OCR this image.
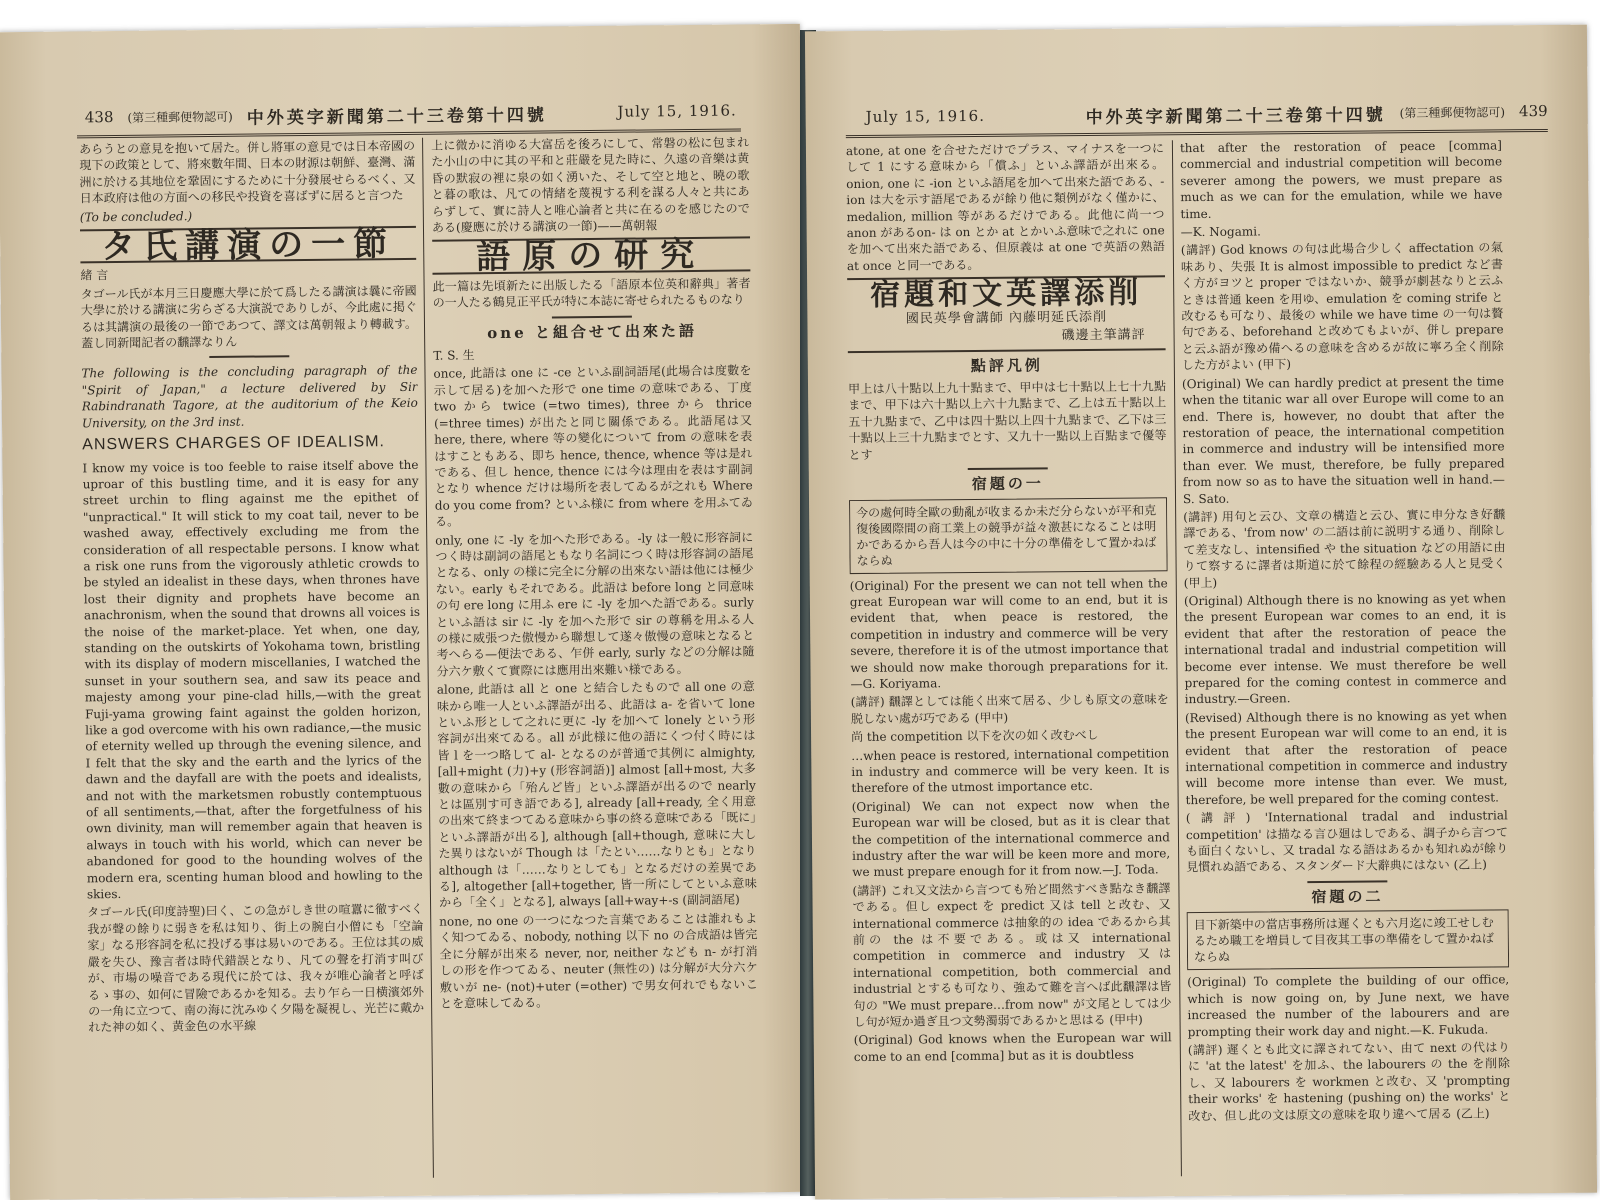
438 (第三種郵便物認可) 中外英字新聞第二十三卷第十四號	July 15, 1916.

あらうとの意見を抱いて居た。併し將軍の意見では日本帝國の現下の政策として、將來數年間、日本の財源は朝鮮、臺灣、滿洲に於ける其地位を鞏固にするために十分發展せらるべく、又日本政府は他の方面への移民や投資を喜ばずに居ると言つた

(To be concluded.)

タ氏講演の一節

緒 言

タゴール氏が本月三日慶應大學に於て爲したる講演は曩に帝國大學に於ける講演に劣らざる大演説でありしが、今此處に掲ぐるは其講演の最後の一節であつて、譯文は萬朝報より轉載す。蓋し同新聞記者の飜譯なりん

The following is the concluding paragraph of the "Spirit of Japan," a lecture delivered by Sir Rabindranath Tagore, at the auditorium of the Keio University, on the 3rd inst.

ANSWERS CHARGES OF IDEALISM.

I know my voice is too feeble to raise itself above the uproar of this bustling time, and it is easy for any street urchin to fling against me the epithet of "unpractical." It will stick to my coat tail, never to be washed away, effectively excluding me from the consideration of all respectable persons. I know what a risk one runs from the vigorously athletic crowds to be styled an idealist in these days, when thrones have lost their dignity and prophets have become an anachronism, when the sound that drowns all voices is the noise of the market-place. Yet when, one day, standing on the outskirts of Yokohama town, bristling with its display of modern miscellanies, I watched the sunset in your southern sea, and saw its peace and majesty among your pine-clad hills,—with the great Fuji-yama growing faint against the golden horizon, like a god overcome with his own radiance,—the music of eternity welled up through the evening silence, and I felt that the sky and the earth and the lyrics of the dawn and the dayfall are with the poets and idealists, and not with the marketsmen robustly contemptuous of all sentiments,—that, after the forgetfulness of his own divinity, man will remember again that heaven is always in touch with his world, which can never be abandoned for good to the hounding wolves of the modern era, scenting human blood and howling to the skies.

タゴール氏(印度詩聖)曰く、この急がしき世の喧囂に徹すべく我が聲の餘りに弱きを私は知り、街上の腕白小僧にも「空論家」なる形容詞を私に投げる事は易いのである。王位は其の威嚴を失ひ、豫言者は時代錯誤となり、凡ての聲を打消す叫びが、市場の噪音である現代に於ては、我々が唯心論者と呼ばるゝ事の、如何に冒險であるかを知る。去り乍ら一日横濱郊外の一角に立つて、南の海に沈みゆく夕陽を凝視し、光芒に戴かれた神の如く、黄金色の水平線

上に微かに消ゆる大富岳を後ろにして、常磐の松に包まれた小山の中に其の平和と莊嚴を見た時に、久遠の音樂は黄昏の默寂の裡に泉の如く湧いた、そして空と地と、曉の歌と暮の歌は、凡ての情緒を蔑視する利を謀る人々と共にあらずして、實に詩人と唯心論者と共に在るのを感じたのである(慶應に於ける講演の一節)——萬朝報

語原の研究

此一篇は先頃新たに出版したる「語原本位英和辭典」著者の一人たる鶴見正平氏が特に本誌に寄せられたるものなり

one と組合せて出來た語

T. S. 生

once, 此語は one に -ce といふ副詞語尾(此場合は度數を示して居る)を加へた形で one time の意味である、丁度 two から twice (=two times), three から thrice (=three times) が出たと同じ關係である。此語尾は又 here, there, where 等の變化について from の意味を表はすこともある、即ち hence, thence, whence 等は是れである、但し hence, thence には今は理由を表はす副詞となり whence だけは場所を表してゐるが之れも Where do you come from? といふ様に from where を用ふてゐる。

only, one に -ly を加へた形である。-ly は一般に形容詞につく時は副詞の語尾ともなり名詞につく時は形容詞の語尾となる、only の様に完全に分解の出來ない語は他には極少ない。early もそれである。此語は before long と同意味の句 ere long に用ふ ere に -ly を加へた語である。surly といふ語は sir に -ly を加へた形で sir の尊稱を用ふる人の様に威張つた傲慢から聯想して遂々傲慢の意味となると考へらる—便法である、乍併 early, surly などの分解は隨分六ケ敷くて實際には應用出來難い様である。

alone, 此語は all と one と結合したもので all one の意味から唯一人といふ譯語が出る、此語は a- を省いて lone といふ形として之れに更に -ly を加へて lonely という形容詞が出來てゐる。all が此様に他の語にくつ付く時には皆 l を一つ略して al- となるのが普通で其例に almighty, [all+might (力)+y (形容詞語)] almost [all+most, 大多數の意味から「殆んど皆」といふ譯語が出るので nearly とは區別す可き語である], already [all+ready, 全く用意の出來て終まつてゐる意味から事の終る意味である「既に」といふ譯語が出る], although [all+though, 意味に大した異りはないが Though は「たとい……なりとも」となり although は「……なりとしても」となるだけの差異である], altogether [all+together, 皆一所にしてといふ意味から「全く」となる], always [all+way+-s (副詞語尾)

none, no one の一つになつた言葉であることは誰れもよく知つてゐる、nobody, nothing 以下 no の合成語は皆完全に分解が出來る never, nor, neither なども n- が打消しの形を作つてゐる、neuter (無性の) は分解が大分六ケ敷いが ne- (not)+uter (=other) で男女何れでもないことを意味してゐる。

July 15, 1916.	中外英字新聞第二十三卷第十四號 (第三種郵便物認可) 439

atone, at one を合せただけでプラス、マイナスを一つにして 1 にする意味から「償ふ」といふ譯語が出來る。onion, one に -ion といふ語尾を加へて出來た語である、-ion は大を示す語尾であるが餘り他に類例がなく僅かに、medalion, million 等があるだけである。此他に尚一つ anon があるon- は on とか at とかいふ意味で之れに one を加へて出來た語である、但原義は at one で英語の熟語 at once と同一である。

宿題和文英譯添削
國民英學會講師 內藤明延氏添削
磯邊主筆講評
點評凡例

甲上は八十點以上九十點まで、甲中は七十點以上七十九點まで、甲下は六十點以上六十九點まで、乙上は五十點以上五十九點まで、乙中は四十點以上四十九點まで、乙下は三十點以上三十九點までとす、又九十一點以上百點まで優等とす

宿題の一
今の處何時全歐の動亂が收まるか未だ分らないが平和克復後國際間の商工業上の競爭が益々激甚になることは明かであるから吾人は今の中に十分の準備をして置かねばならぬ

(Original) For the present we can not tell when the great European war will come to an end, but it is evident that, when peace is restored, the competition in industry and commerce will be very severe, therefore it is of the utmost importance that we should now make thorough preparations for it.—G. Koriyama.

(講評) 飜譯としては能く出來て居る、少しも原文の意味を脱しない處が巧である (甲中)

尚 the competition 以下を次の如く改むべし

…when peace is restored, international competition in industry and commerce will be very keen. It is therefore of the utmost importance etc.

(Original) We can not expect now when the European war will be closed, but as it is clear that the competition of the international commerce and industry after the war will be keen more and more, we must prepare enough for it from now.—J. Toda.

(講評) これ又文法から言つても殆ど間然すべき點なき飜譯である。但し expect を predict 又は tell と改む、又 international commerce は抽象的の idea であるから其前の the は不要である。或は又 international competition in commerce and industry 又は international competition, both commercial and industrial とするも可なり、強ゐて難を言へば此飜譯は皆句の "We must prepare…from now" が文尾としては少し句が短か過ぎ且つ文勢濁弱であるかと思はる (甲中)

(Original) God knows when the European war will come to an end [comma] but as it is doubtless

that after the restoration of peace [comma] commercial and industrial competition will become severer among the powers, we must prepare as much as we can for the emulation, while we have time.

—K. Nogami.

(講評) God knows の句は此場合少しく affectation の氣味あり、失張 It is almost impossible to predict など書く方がヨツと proper ではないか、競爭が劇甚なりと云ふときは普通 keen を用ゆ、emulation を coming strife と改むるも可なり、最後の while we have time の一句は贅句である、beforehand と改めてもよいが、併し prepare と云ふ語が豫め備へるの意味を含めるが故に寧ろ全く削除した方がよい (甲下)

(Original) We can hardly predict at present the time when the titanic war all over Europe will come to an end. There is, however, no doubt that after the restoration of peace, the international competition in commerce and industry will be intensified more than ever. We must, therefore, be fully prepared from now so as to have the situation well in hand.—S. Sato.

(講評) 用句と云ひ、文章の構造と云ひ、實に申分なき好飜譯である、'from now' の二語は前に説明する通り、削除して差支なし、intensified や the situation などの用語に由りて察するに譯者は斯道に於て餘程の經驗ある人と見受く (甲上)

(Original) Although there is no knowing as yet when the present European war comes to an end, it is evident that after the restoration of peace the international tradal and industrial competition will become ever intense. We must therefore be well prepared for the coming contest in commerce and industry.—Green.

(Revised) Although there is no knowing as yet when the present European war will come to an end, it is evident that after the restoration of peace international competition in commerce and industry will become more intense than ever. We must, therefore, be well prepared for the coming contest.

(講評) 'International tradal and industrial competition' は描なる言ひ廻はしである、調子から言つても面白くないし、又 tradal なる語はあるかも知れぬが餘り見慣れぬ語である、スタンダード大辭典にはない (乙上)

宿題の二
目下新築中の當店事務所は遲くとも六月迄に竣工せしむるため職工を増員して目夜其工事の準備をして置かねばならぬ

(Original) To complete the building of our office, which is now going on, by June next, we have increased the number of the labourers and are prompting their work day and night.—K. Fukuda.

(講評) 遲くとも此文に譯されてない、由て next の代はりに 'at the latest' を加ふ、the labourers の the を削除し、又 labourers を workmen と改む、又 'prompting their works' を hastening (pushing on) the works' と改む、但し此の文は原文の意味を取り違へて居る (乙上)
